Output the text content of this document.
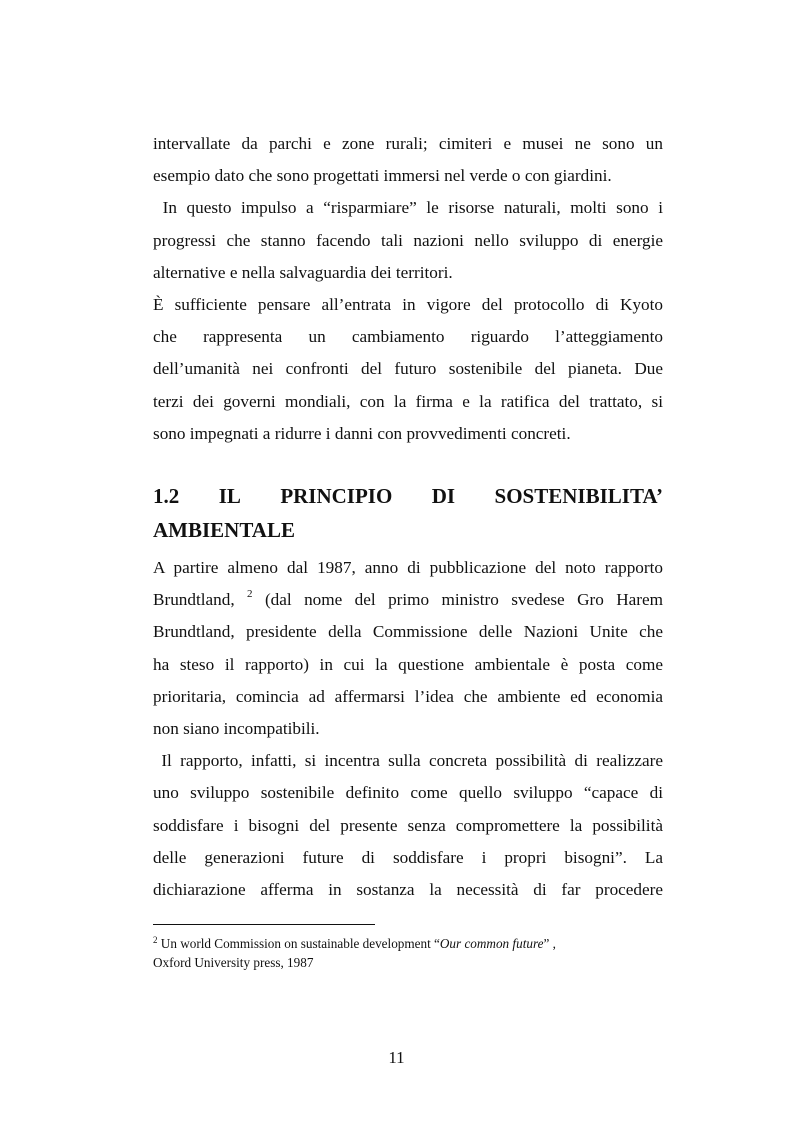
intervallate da parchi e zone rurali; cimiteri e musei ne sono un
esempio dato che sono progettati immersi nel verde o con giardini.
In questo impulso a “risparmiare” le risorse naturali, molti sono i
progressi che stanno facendo tali nazioni nello sviluppo di energie
alternative e nella salvaguardia dei territori.
È sufficiente pensare all’entrata in vigore del protocollo di Kyoto
che rappresenta un cambiamento riguardo l’atteggiamento
dell’umanità nei confronti del futuro sostenibile del pianeta. Due
terzi dei governi mondiali, con la firma e la ratifica del trattato, si
sono impegnati a ridurre i danni con provvedimenti concreti.
1.2 IL PRINCIPIO DI SOSTENIBILITA’
AMBIENTALE
A partire almeno dal 1987, anno di pubblicazione del noto rapporto
Brundtland, $^2$ (dal nome del primo ministro svedese Gro Harem
Brundtland, presidente della Commissione delle Nazioni Unite che
ha steso il rapporto) in cui la questione ambientale è posta come
prioritaria, comincia ad affermarsi l’idea che ambiente ed economia
non siano incompatibili.
Il rapporto, infatti, si incentra sulla concreta possibilità di realizzare
uno sviluppo sostenibile definito come quello sviluppo “capace di
soddisfare i bisogni del presente senza compromettere la possibilità
delle generazioni future di soddisfare i propri bisogni”. La
dichiarazione afferma in sostanza la necessità di far procedere
$^2$ Un world Commission on sustainable development “Our common future” ,
Oxford University press, 1987
11
